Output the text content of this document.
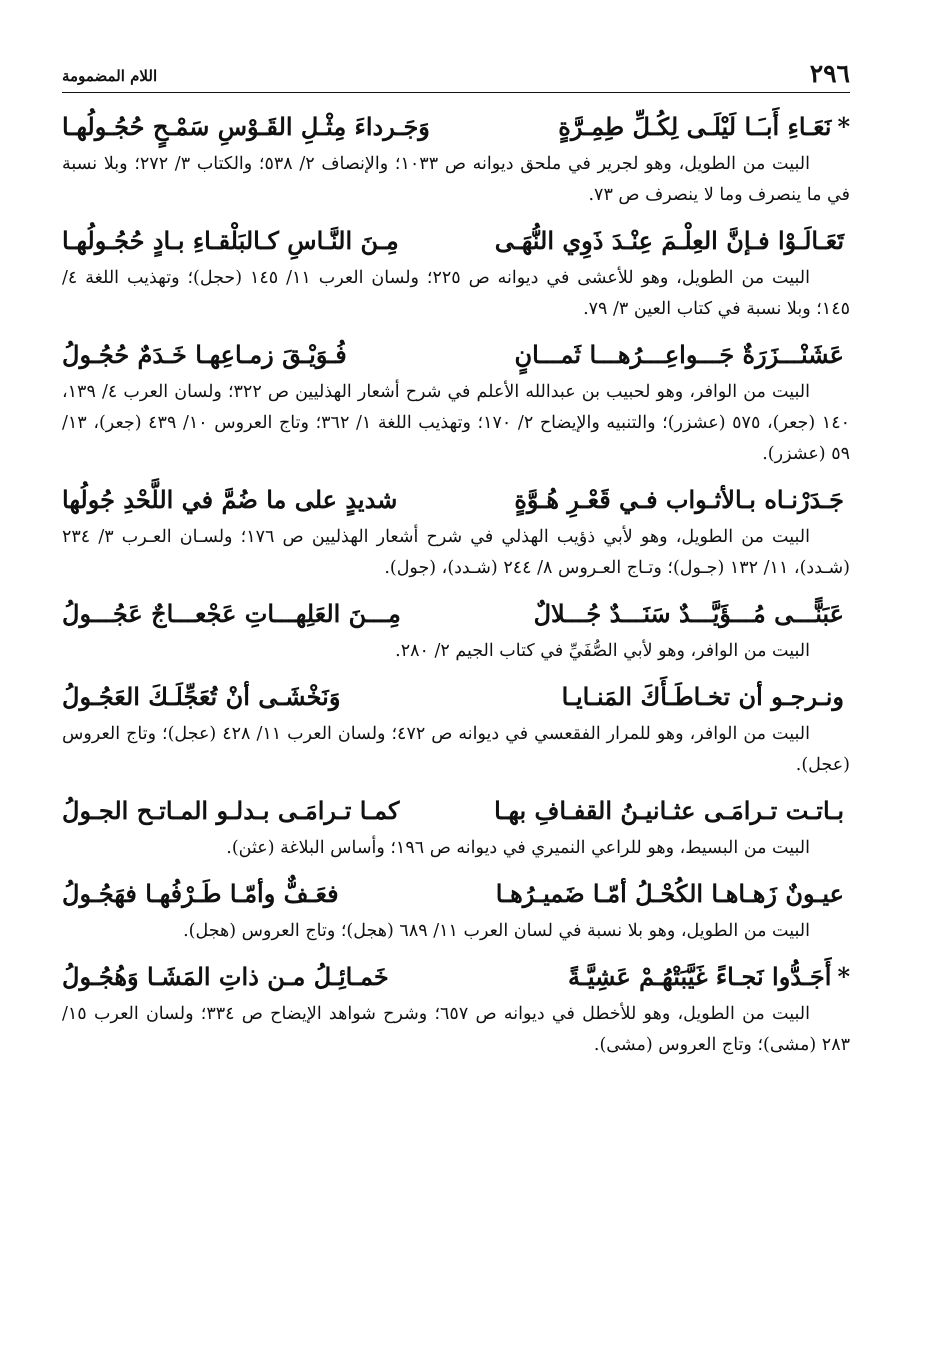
٢٩٦
اللام المضمومة
*نَعَـاءِ أَبـَـا لَيْلَـى لِكُـلِّ طِمِـرَّةٍ
وَجَـرداءَ مِثْـلِ القَـوْسِ سَمْـحٍ حُجُـولُهـا

البيت من الطويل، وهو لجرير في ملحق ديوانه ص ١٠٣٣؛ والإنصاف ٢/ ٥٣٨؛ والكتاب ٣/ ٢٧٢؛ وبلا نسبة في ما ينصرف وما لا ينصرف ص ٧٣.

تَعَـالَـوْا فـإنَّ العِلْـمَ عِنْـدَ ذَوِي النُّهَـى
مِـنَ النَّـاسِ كـالبَلْقـاءِ بـادٍ حُجُـولُهـا

البيت من الطويل، وهو للأعشى في ديوانه ص ٢٢٥؛ ولسان العرب ١١/ ١٤٥ (حجل)؛ وتهذيب اللغة ٤/ ١٤٥؛ وبلا نسبة في كتاب العين ٣/ ٧٩.

عَشَنْـــزَرَةٌ جَـــواعِـــرُهـــا ثَمـــانٍ
فُـوَيْـقَ زمـاعِهـا خَـدَمٌ حُجُـولُ

البيت من الوافر، وهو لحبيب بن عبدالله الأعلم في شرح أشعار الهذليين ص ٣٢٢؛ ولسان العرب ٤/ ١٣٩، ١٤٠ (جعر)، ٥٧٥ (عشزر)؛ والتنبيه والإيضاح ٢/ ١٧٠؛ وتهذيب اللغة ١/ ٣٦٢؛ وتاج العروس ١٠/ ٤٣٩ (جعر)، ١٣/ ٥٩ (عشزر).

جَـدَرْنـاه بـالأثـواب فـي قَعْـرِ هُـوَّةٍ
شديدٍ على ما ضُمَّ في اللَّحْدِ جُولُها

البيت من الطويل، وهو لأبي ذؤيب الهذلي في شرح أشعار الهذليين ص ١٧٦؛ ولسـان العـرب ٣/ ٢٣٤ (شـدد)، ١١/ ١٣٢ (جـول)؛ وتـاج العـروس ٨/ ٢٤٤ (شـدد)، (جول).

عَبَنًّـــى مُـــؤَيَّـــدٌ سَنَـــدٌ جُـــلالٌ
مِـــنَ العَلِهـــاتِ عَجْعـــاجٌ عَجُـــولُ

البيت من الوافر، وهو لأبي الصُّفَيِّ في كتاب الجيم ٢/ ٢٨٠.

ونـرجـو أن تخـاطَـأَكَ المَنـايـا
وَنَخْشَـى أنْ تُعَجِّلَـكَ العَجُـولُ

البيت من الوافر، وهو للمرار الفقعسي في ديوانه ص ٤٧٢؛ ولسان العرب ١١/ ٤٢٨ (عجل)؛ وتاج العروس (عجل).

بـاتـت تـرامَـى عثـانيـنُ القفـافِ بهـا
كمـا تـرامَـى بـدلـو المـاتـح الجـولُ

البيت من البسيط، وهو للراعي النميري في ديوانه ص ١٩٦؛ وأساس البلاغة (عثن).

عيـونٌ زَهـاهـا الكُحْـلُ أمّـا ضَميـرُهـا
فعَـفٌّ وأمّـا طَـرْفُهـا فهَجُـولُ

البيت من الطويل، وهو بلا نسبة في لسان العرب ١١/ ٦٨٩ (هجل)؛ وتاج العروس (هجل).

*أَجَـدُّوا نَجـاءً غَيَّبَتْهُـمْ عَشِيَّـةً
خَمـائِـلُ مـن ذاتِ المَشَـا وَهُجُـولُ

البيت من الطويل، وهو للأخطل في ديوانه ص ٦٥٧؛ وشرح شواهد الإيضاح ص ٣٣٤؛ ولسان العرب ١٥/ ٢٨٣ (مشى)؛ وتاج العروس (مشى).
